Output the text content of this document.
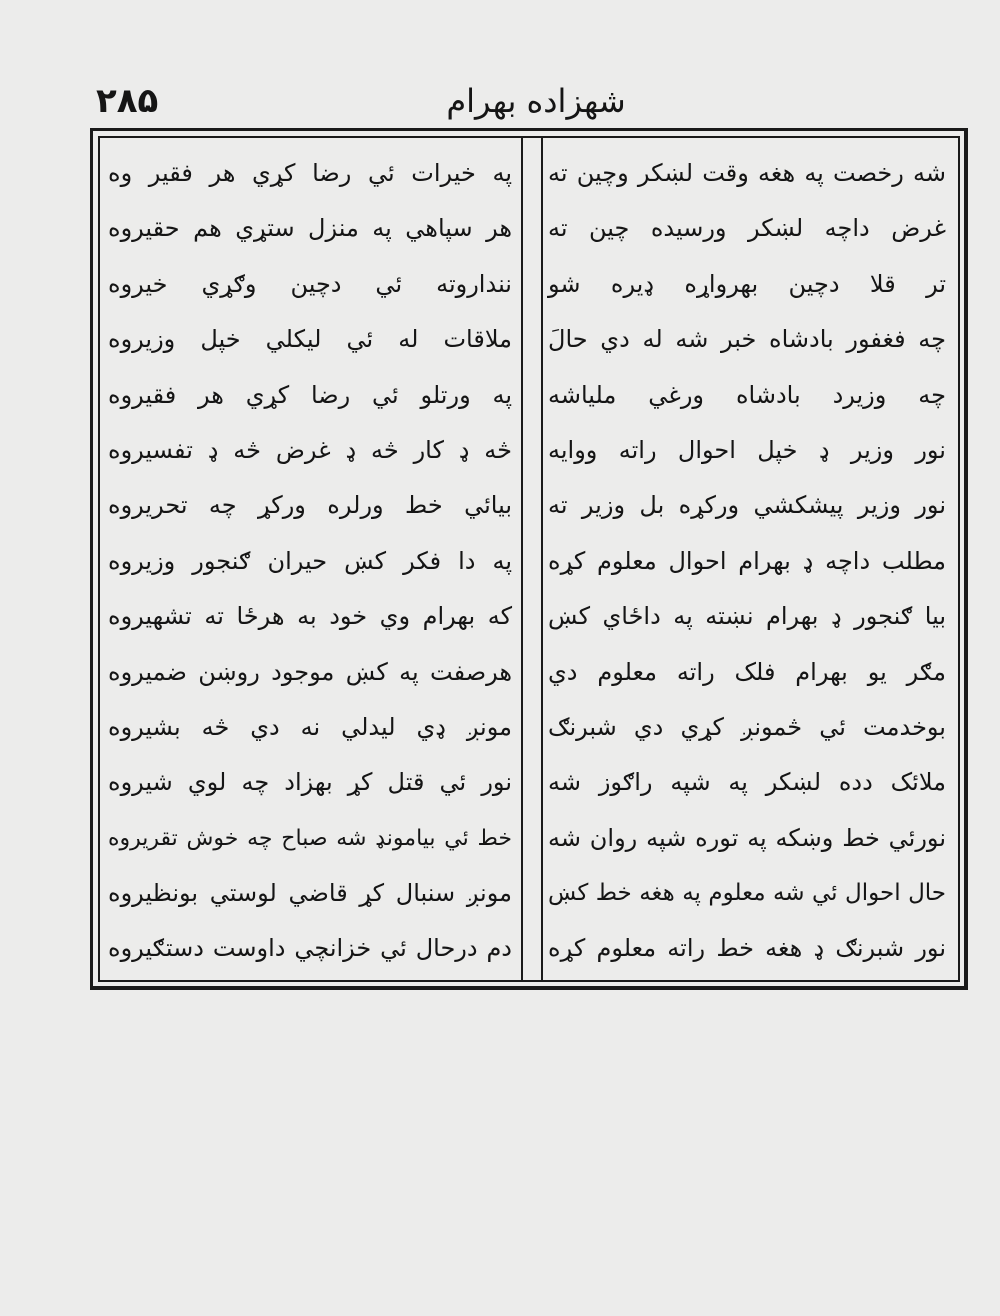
شهزاده بهرام
۲۸۵
شه رخصت په هغه وقت لښکر وچين ته
غرض داچه لښکر ورسيده چين ته
تر قلا دچين بهرواړه ډيره شو
چه فغفور بادشاه خبر شه له دي حالَ
چه وزيرد بادشاه ورغي ملياشه
نور وزير ډ خپل احوال راته ووايه
نور وزير پيشكشي ورکړه بل وزير ته
مطلب داچه ډ بهرام احوال معلوم کړه
بيا ګنجور ډ بهرام نښته په داځاي کښ
مګر يو بهرام فلک راته معلوم دي
بوخدمت ئي څمونږ کړي دي شبرنګ
ملائک دده لښکر په شپه راګوز شه
نورئي خط وښکه په توره شپه روان شه
حال احوال ئي شه معلوم په هغه خط کښ
نور شبرنګ ډ هغه خط راته معلوم کړه
په خيرات ئي رضا کړي هر فقير وه
هر سپاهي په منزل ستړي هم حقيروه
ننداروته ئي دچين وګړي خيروه
ملاقات له ئي ليکلي خپل وزيروه
په ورتلو ئي رضا کړي هر فقيروه
څه ډ کار څه ډ غرض څه ډ تفسيروه
بيائي خط ورلره ورکړ چه تحريروه
په دا فکر کښ حيران ګنجور وزيروه
که بهرام وي خود به هرځا ته تشهيروه
هرصفت په کښ موجود روښن ضميروه
مونږ ډي ليدلي نه دي څه بشيروه
نور ئي قتل کړ بهزاد چه لوي شيروه
خط ئي بيامونډ شه صباح چه خوش تقريروه
مونږ سنبال کړ قاضي لوستي بونظيروه
دم درحال ئي خزانچي داوست دستګيروه
